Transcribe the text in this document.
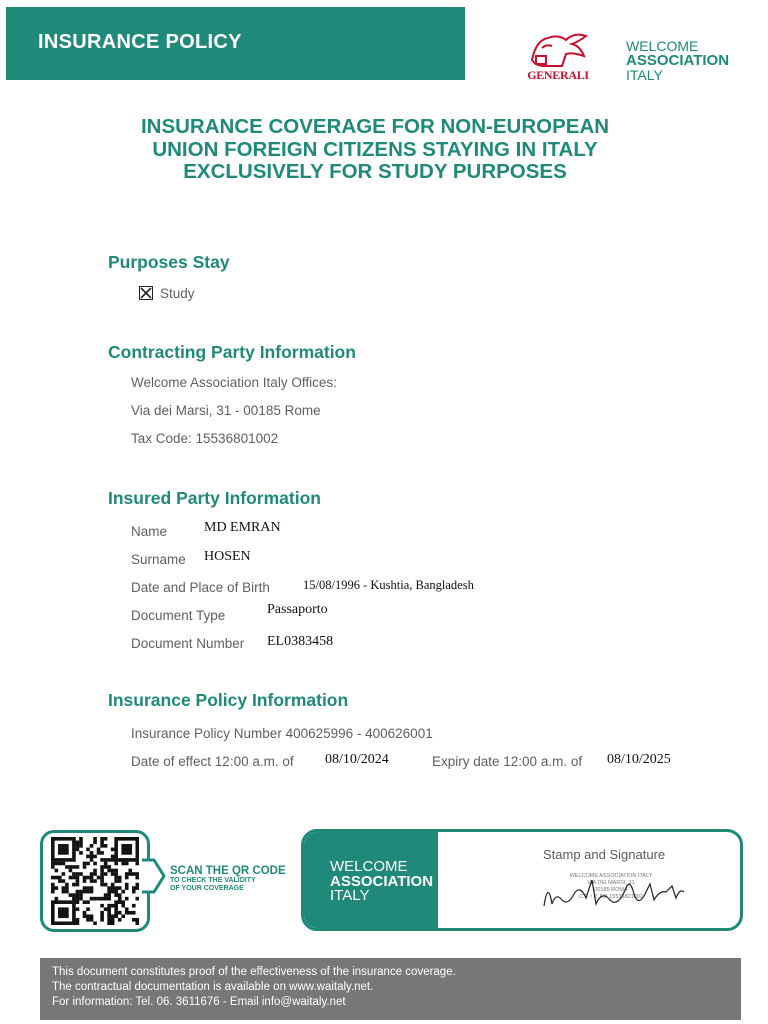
INSURANCE POLICY
GENERALI
WELCOME
ASSOCIATION
ITALY
INSURANCE COVERAGE FOR NON-EUROPEAN
UNION FOREIGN CITIZENS STAYING IN ITALY
EXCLUSIVELY FOR STUDY PURPOSES
Purposes Stay
Study
Contracting Party Information
Welcome Association Italy Offices:
Via dei Marsi, 31 - 00185 Rome
Tax Code: 15536801002
Insured Party Information
Name	MD EMRAN
Surname HOSEN
Date and Place of Birth	15/08/1996 - Kushtia, Bangladesh
Document Type	Passaporto
Document Number EL0383458
Insurance Policy Information
Insurance Policy Number 400625996 - 400626001
Date of effect 12:00 a.m. of 08/10/2024	Expiry date 12:00 a.m. of 08/10/2025
SCAN THE QR CODE
TO CHECK THE VALIDITY
OF YOUR COVERAGE
WELCOME
ASSOCIATION
ITALY
Stamp and Signature
WELCOME ASSOCIATION ITALY
VIA DEI MARSI, 31
00185 ROMA
C.F. / P. IVA 15536801002
This document constitutes proof of the effectiveness of the insurance coverage.
The contractual documentation is available on www.waitaly.net.
For information: Tel. 06. 3611676 - Email info@waitaly.net
